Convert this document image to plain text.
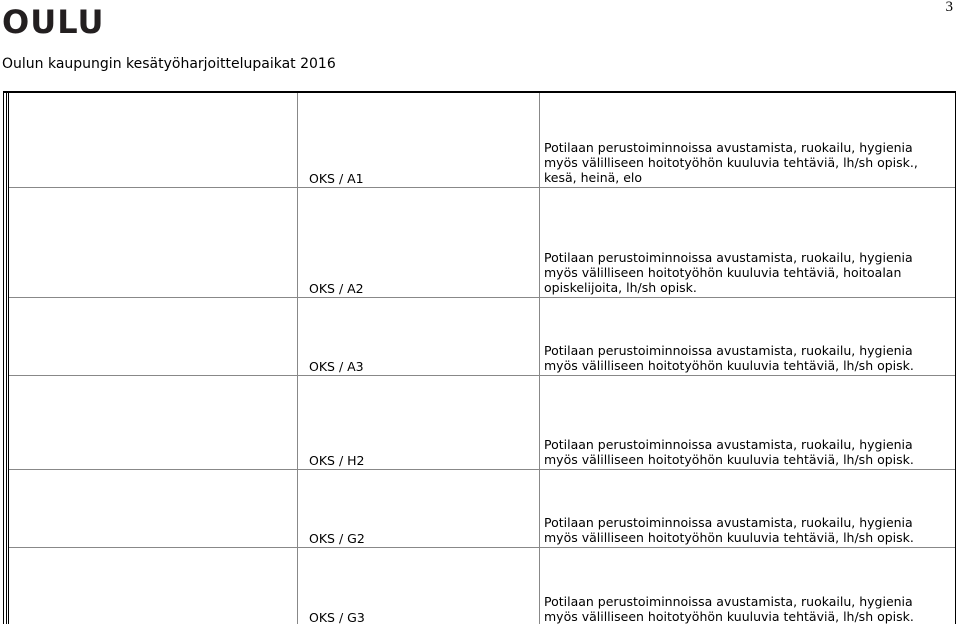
OULU	3
Oulun kaupungin kesätyöharjoittelupaikat 2016
OKS / A1
Potilaan perustoiminnoissa avustamista, ruokailu, hygienia myös välilliseen hoitotyöhön kuuluvia tehtäviä, lh/sh opisk., kesä, heinä, elo
OKS / A2
Potilaan perustoiminnoissa avustamista, ruokailu, hygienia myös välilliseen hoitotyöhön kuuluvia tehtäviä, hoitoalan opiskelijoita, lh/sh opisk.
OKS / A3
Potilaan perustoiminnoissa avustamista, ruokailu, hygienia myös välilliseen hoitotyöhön kuuluvia tehtäviä, lh/sh opisk.
OKS / H2
Potilaan perustoiminnoissa avustamista, ruokailu, hygienia myös välilliseen hoitotyöhön kuuluvia tehtäviä, lh/sh opisk.
OKS / G2
Potilaan perustoiminnoissa avustamista, ruokailu, hygienia myös välilliseen hoitotyöhön kuuluvia tehtäviä, lh/sh opisk.
OKS / G3
Potilaan perustoiminnoissa avustamista, ruokailu, hygienia myös välilliseen hoitotyöhön kuuluvia tehtäviä, lh/sh opisk.
